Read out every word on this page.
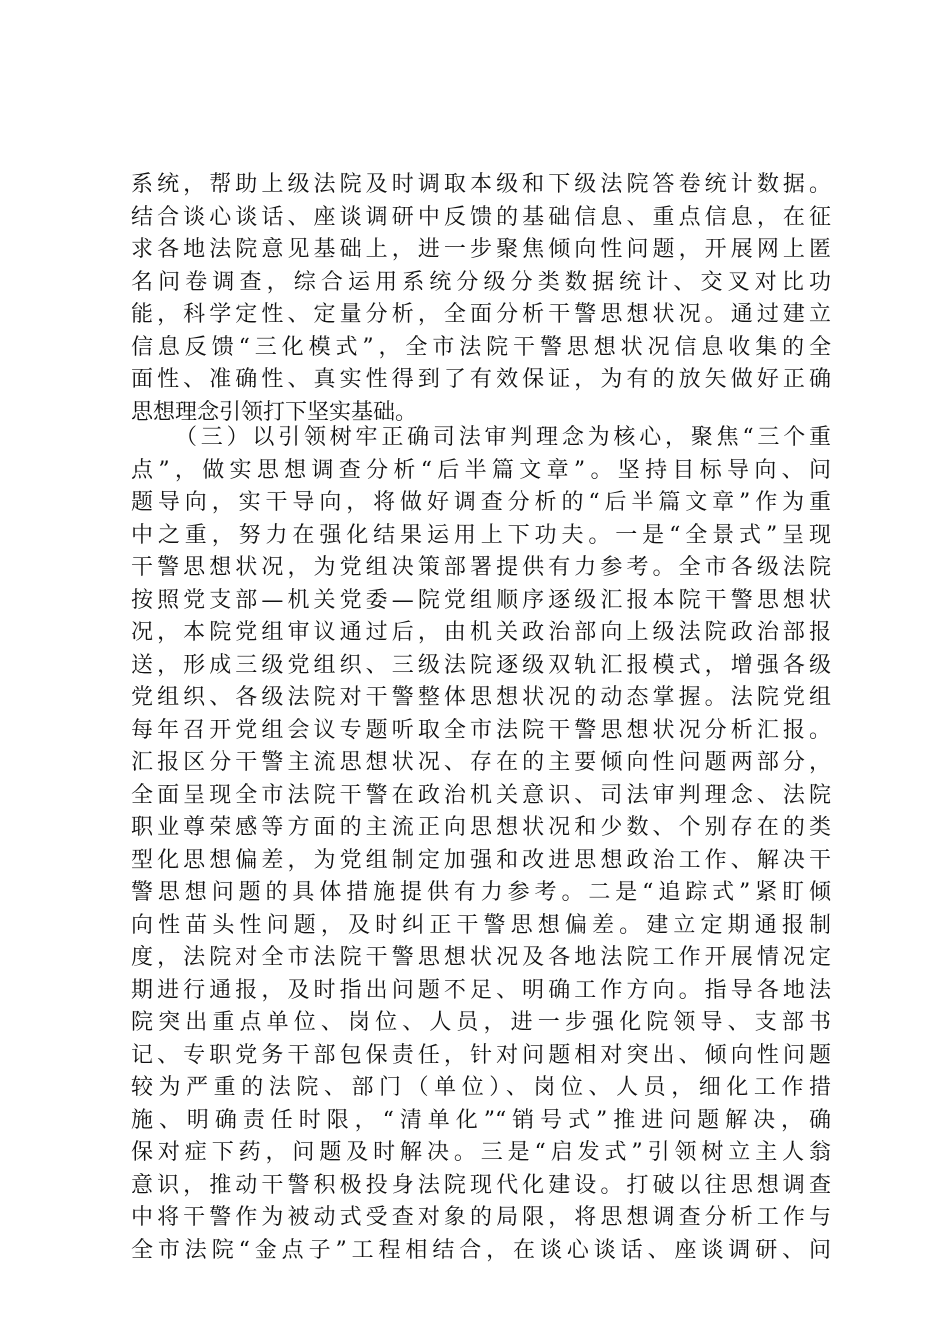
系统，帮助上级法院及时调取本级和下级法院答卷统计数据。
结合谈心谈话、座谈调研中反馈的基础信息、重点信息，在征
求各地法院意见基础上，进一步聚焦倾向性问题，开展网上匿
名问卷调查，综合运用系统分级分类数据统计、交叉对比功
能，科学定性、定量分析，全面分析干警思想状况。通过建立
信息反馈“三化模式”，全市法院干警思想状况信息收集的全
面性、准确性、真实性得到了有效保证，为有的放矢做好正确
思想理念引领打下坚实基础。
（三）以引领树牢正确司法审判理念为核心，聚焦“三个重
点”，做实思想调查分析“后半篇文章”。坚持目标导向、问
题导向，实干导向，将做好调查分析的“后半篇文章”作为重
中之重，努力在强化结果运用上下功夫。一是“全景式”呈现
干警思想状况，为党组决策部署提供有力参考。全市各级法院
按照党支部—机关党委—院党组顺序逐级汇报本院干警思想状
况，本院党组审议通过后，由机关政治部向上级法院政治部报
送，形成三级党组织、三级法院逐级双轨汇报模式，增强各级
党组织、各级法院对干警整体思想状况的动态掌握。法院党组
每年召开党组会议专题听取全市法院干警思想状况分析汇报。
汇报区分干警主流思想状况、存在的主要倾向性问题两部分，
全面呈现全市法院干警在政治机关意识、司法审判理念、法院
职业尊荣感等方面的主流正向思想状况和少数、个别存在的类
型化思想偏差，为党组制定加强和改进思想政治工作、解决干
警思想问题的具体措施提供有力参考。二是“追踪式”紧盯倾
向性苗头性问题，及时纠正干警思想偏差。建立定期通报制
度，法院对全市法院干警思想状况及各地法院工作开展情况定
期进行通报，及时指出问题不足、明确工作方向。指导各地法
院突出重点单位、岗位、人员，进一步强化院领导、支部书
记、专职党务干部包保责任，针对问题相对突出、倾向性问题
较为严重的法院、部门（单位）、岗位、人员，细化工作措
施、明确责任时限，“清单化”“销号式”推进问题解决，确
保对症下药，问题及时解决。三是“启发式”引领树立主人翁
意识，推动干警积极投身法院现代化建设。打破以往思想调查
中将干警作为被动式受查对象的局限，将思想调查分析工作与
全市法院“金点子”工程相结合，在谈心谈话、座谈调研、问
